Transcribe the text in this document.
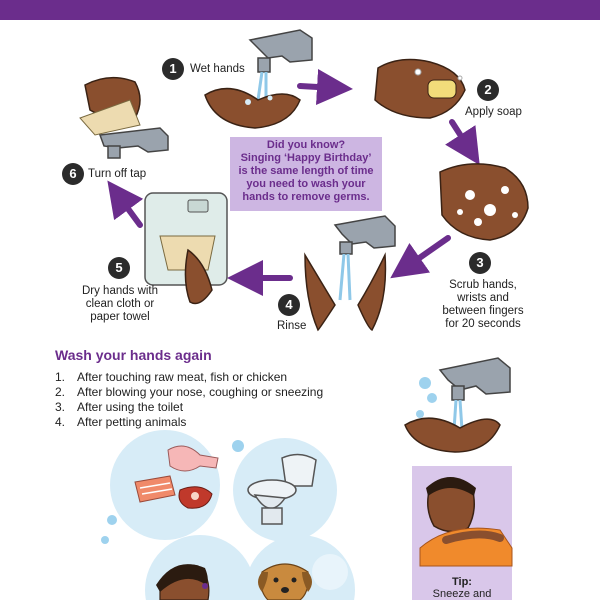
1
2
3
4
5
6
Wet hands
Apply soap
Scrub hands,
wrists and
between fingers
for 20 seconds
Rinse
Dry hands with
clean cloth or
paper towel
Turn off tap
Did you know?
Singing ‘Happy Birthday’
is the same length of time
you need to wash your
hands to remove germs.
Wash your hands again
1. After touching raw meat, fish or chicken
2. After blowing your nose, coughing or sneezing
3. After using the toilet
4. After petting animals
Tip:
Sneeze and
